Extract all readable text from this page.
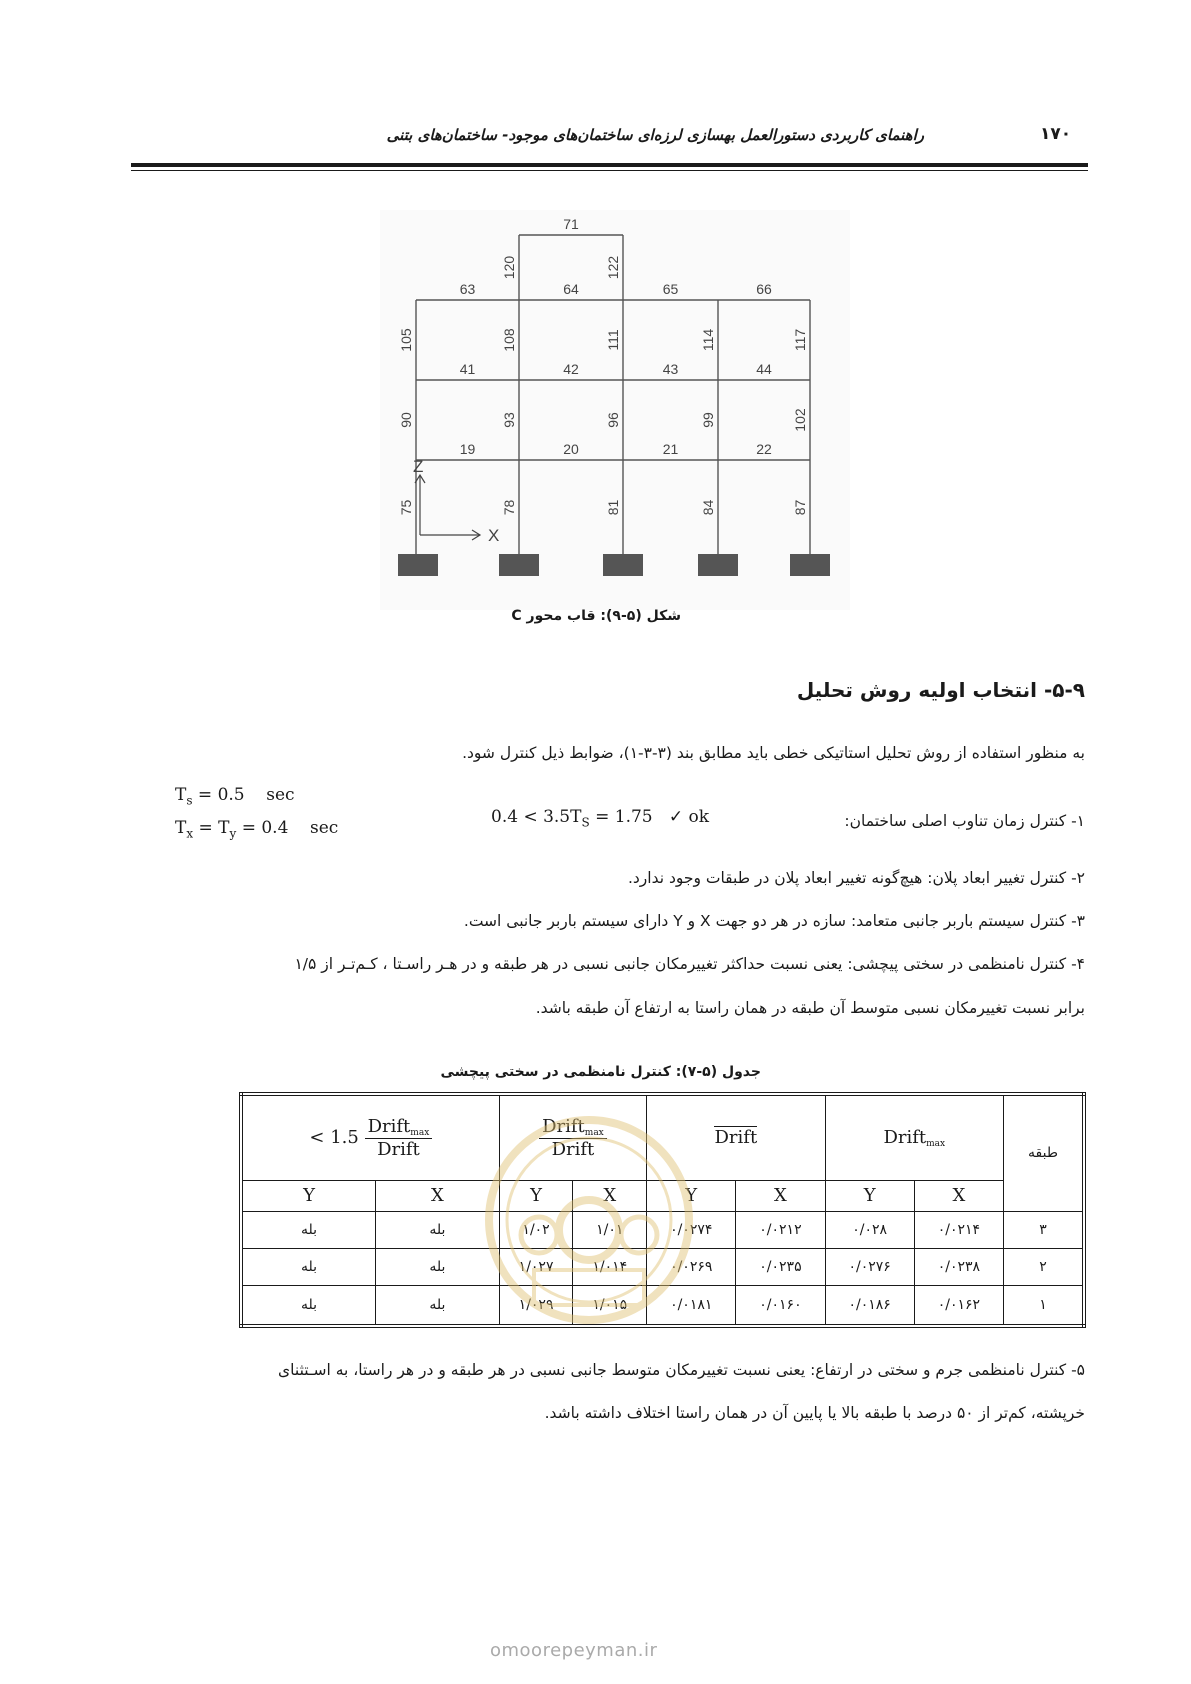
راهنمای کاربردی دستورالعمل بهسازی لرزه‌ای ساختمان‌های موجود- ساختمان‌های بتنی	۱۷۰
X
Z
19	20	21	22
41	42	43	44
63	64	65	66
71
75	78	81	84	87
90	93	96	99	102
105	108	111	114	117
120	122
شکل (۵-۹): قاب محور C
۵-۹- انتخاب اولیه روش تحلیل
به منظور استفاده از روش تحلیل استاتیکی خطی باید مطابق بند (۳-۳-۱)، ضوابط ذیل کنترل شود.
۱- کنترل زمان تناوب اصلی ساختمان:
$0.4 < 3.5T_S = 1.75$ ✓ ok
$T_s = 0.5$    sec
$T_x = T_y = 0.4$    sec
۲- کنترل تغییر ابعاد پلان: هیچ‌گونه تغییر ابعاد پلان در طبقات وجود ندارد.
۳- کنترل سیستم باربر جانبی متعامد: سازه در هر دو جهت X و Y دارای سیستم باربر جانبی است.
۴- کنترل نامنظمی در سختی پیچشی: یعنی نسبت حداکثر تغییرمکان جانبی نسبی در هر طبقه و در هـر راسـتا ، کـم‌تـر از ۱/۵
برابر نسبت تغییرمکان نسبی متوسط آن طبقه در همان راستا به ارتفاع آن طبقه باشد.
جدول (۵-۷): کنترل نامنظمی در سختی پیچشی
طبقه	Driftmax		Drift		$\frac{\text{Driftmax}}{\text{Drift}}$		$\frac{\text{Driftmax}}{\text{Drift}}$
< 1.5	
	X	Y	X	Y	X	Y	X	Y
۳	۰/۰۲۱۴	۰/۰۲۸	۰/۰۲۱۲	۰/۰۲۷۴	۱/۰۱	۱/۰۲	بله	بله
۲	۰/۰۲۳۸	۰/۰۲۷۶	۰/۰۲۳۵	۰/۰۲۶۹	۱/۰۱۴	۱/۰۲۷	بله	بله
۱	۰/۰۱۶۲	۰/۰۱۸۶	۰/۰۱۶۰	۰/۰۱۸۱	۱/۰۱۵	۱/۰۲۹	بله	بله
۵- کنترل نامنظمی جرم و سختی در ارتفاع: یعنی نسبت تغییرمکان متوسط جانبی نسبی در هر طبقه و در هر راستا، به اسـتثنای
خرپشته، کم‌تر از ۵۰ درصد با طبقه بالا یا پایین آن در همان راستا اختلاف داشته باشد.
omoorepeyman.ir
